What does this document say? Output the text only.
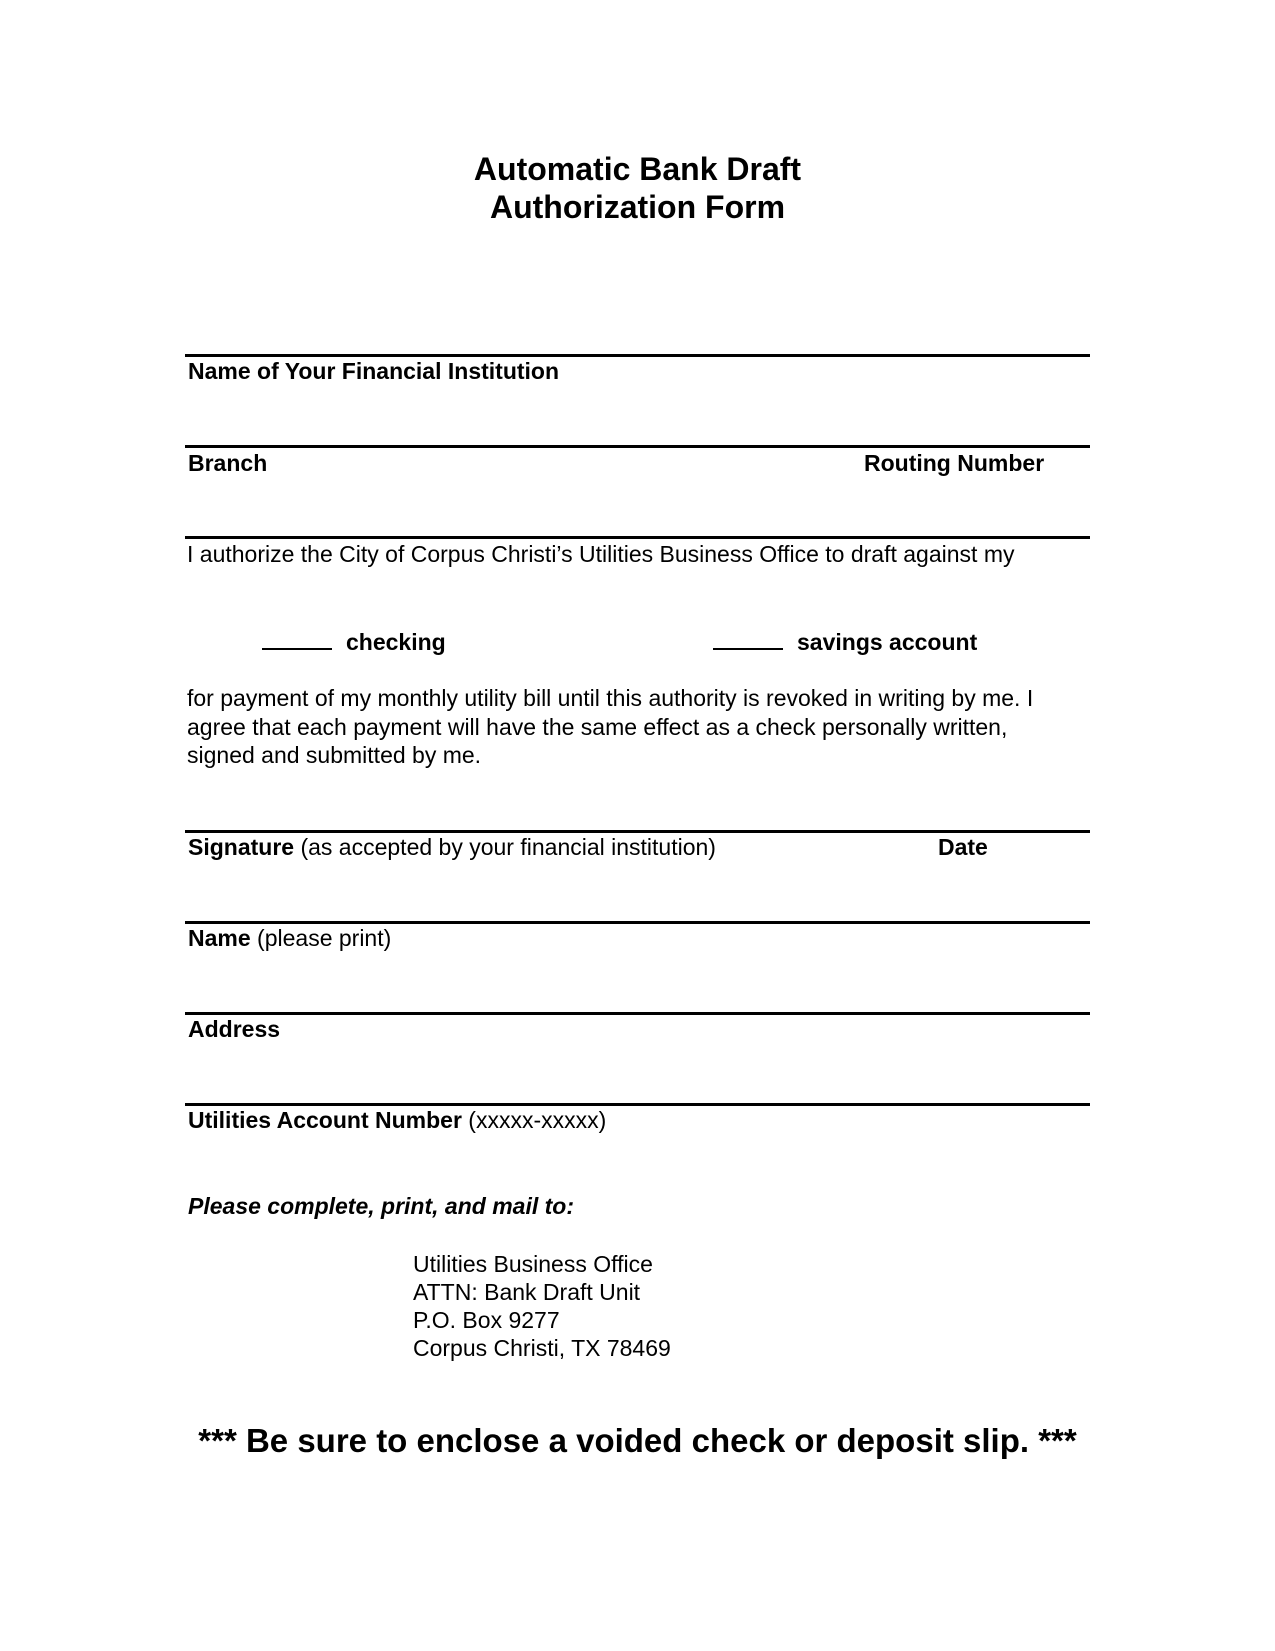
Automatic Bank Draft
Authorization Form
Name of Your Financial Institution
Branch	Routing Number
I authorize the City of Corpus Christi’s Utilities Business Office to draft against my
checking	savings account
for payment of my monthly utility bill until this authority is revoked in writing by me. I agree that each payment will have the same effect as a check personally written, signed and submitted by me.
Signature (as accepted by your financial institution)	Date
Name (please print)
Address
Utilities Account Number (xxxxx-xxxxx)
Please complete, print, and mail to:
Utilities Business Office
ATTN: Bank Draft Unit
P.O. Box 9277
Corpus Christi, TX 78469
*** Be sure to enclose a voided check or deposit slip. ***
